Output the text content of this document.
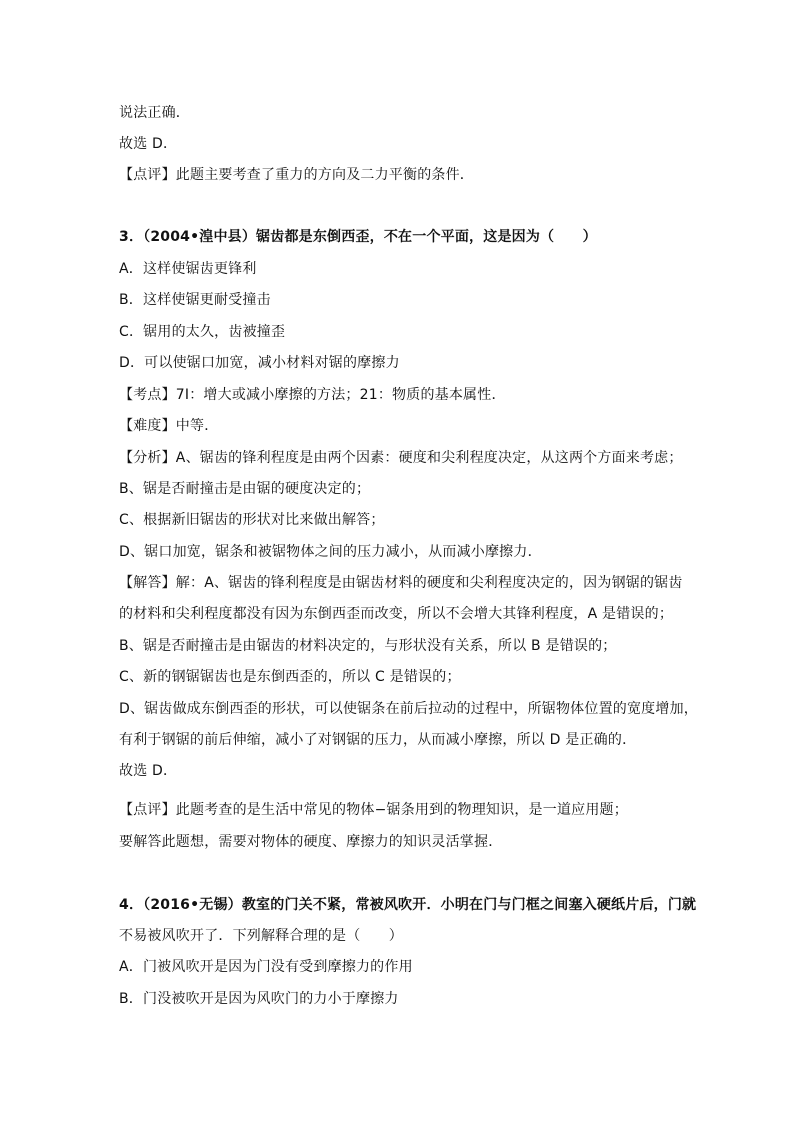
说法正确．
故选 D．
【点评】此题主要考查了重力的方向及二力平衡的条件．
3．（2004•湟中县）锯齿都是东倒西歪，不在一个平面，这是因为（　　）
A．这样使锯齿更锋利
B．这样使锯更耐受撞击
C．锯用的太久，齿被撞歪
D．可以使锯口加宽，减小材料对锯的摩擦力
【考点】7I：增大或减小摩擦的方法；21：物质的基本属性．
【难度】中等．
【分析】A、锯齿的锋利程度是由两个因素：硬度和尖利程度决定，从这两个方面来考虑；
B、锯是否耐撞击是由锯的硬度决定的；
C、根据新旧锯齿的形状对比来做出解答；
D、锯口加宽，锯条和被锯物体之间的压力减小，从而减小摩擦力．
【解答】解：A、锯齿的锋利程度是由锯齿材料的硬度和尖利程度决定的，因为钢锯的锯齿
的材料和尖利程度都没有因为东倒西歪而改变，所以不会增大其锋利程度，A 是错误的；
B、锯是否耐撞击是由锯齿的材料决定的，与形状没有关系，所以 B 是错误的；
C、新的钢锯锯齿也是东倒西歪的，所以 C 是错误的；
D、锯齿做成东倒西歪的形状，可以使锯条在前后拉动的过程中，所锯物体位置的宽度增加，
有利于钢锯的前后伸缩，减小了对钢锯的压力，从而减小摩擦，所以 D 是正确的．
故选 D．
【点评】此题考查的是生活中常见的物体−锯条用到的物理知识，是一道应用题；
要解答此题想，需要对物体的硬度、摩擦力的知识灵活掌握．
4．（2016•无锡）教室的门关不紧，常被风吹开．小明在门与门框之间塞入硬纸片后，门就
不易被风吹开了．下列解释合理的是（　　）
A．门被风吹开是因为门没有受到摩擦力的作用
B．门没被吹开是因为风吹门的力小于摩擦力
